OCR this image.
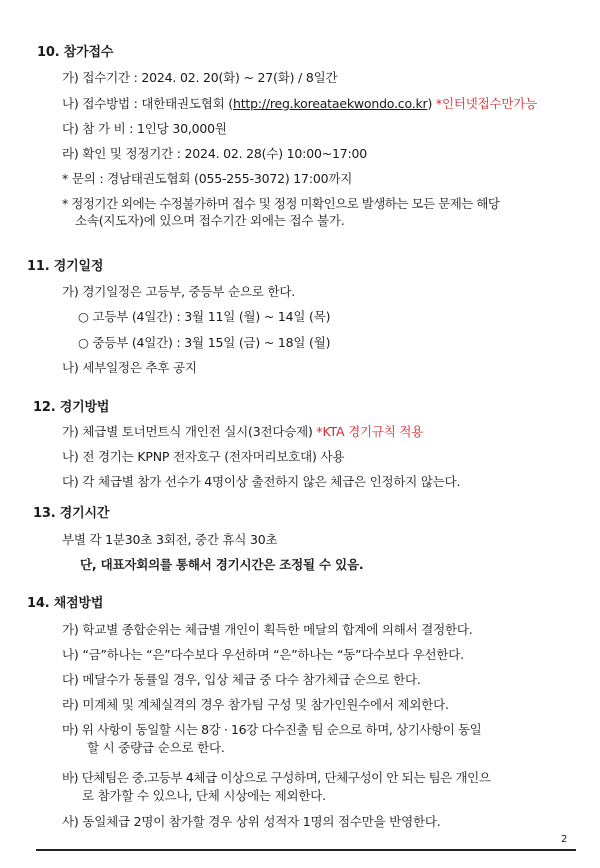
10. 참가접수
가) 접수기간 : 2024. 02. 20(화) ~ 27(화) / 8일간
나) 접수방법 : 대한태권도협회 (http://reg.koreataekwondo.co.kr) *인터넷접수만가능
다) 참 가 비 : 1인당 30,000원
라) 확인 및 정정기간 : 2024. 02. 28(수) 10:00~17:00
* 문의 : 경남태권도협회 (055-255-3072) 17:00까지
* 정정기간 외에는 수정불가하며 접수 및 정정 미확인으로 발생하는 모든 문제는 해당
소속(지도자)에 있으며 접수기간 외에는 접수 불가.
11. 경기일정
가) 경기일정은 고등부, 중등부 순으로 한다.
○ 고등부 (4일간) : 3월 11일 (월) ~ 14일 (목)
○ 중등부 (4일간) : 3월 15일 (금) ~ 18일 (월)
나) 세부일정은 추후 공지
12. 경기방법
가) 체급별 토너먼트식 개인전 실시(3전다승제) *KTA 경기규칙 적용
나) 전 경기는 KPNP 전자호구 (전자머리보호대) 사용
다) 각 체급별 참가 선수가 4명이상 출전하지 않은 체급은 인정하지 않는다.
13. 경기시간
부별 각 1분30초 3회전, 중간 휴식 30초
단, 대표자회의를 통해서 경기시간은 조정될 수 있음.
14. 채점방법
가) 학교별 종합순위는 체급별 개인이 획득한 메달의 합계에 의해서 결정한다.
나) “금”하나는 “은”다수보다 우선하며 “은”하나는 “동”다수보다 우선한다.
다) 메달수가 동률일 경우, 입상 체급 중 다수 참가체급 순으로 한다.
라) 미계체 및 계체실격의 경우 참가팀 구성 및 참가인원수에서 제외한다.
마) 위 사항이 동일할 시는 8강 · 16강 다수진출 팀 순으로 하며, 상기사항이 동일
할 시 중량급 순으로 한다.
바) 단체팀은 중.고등부 4체급 이상으로 구성하며, 단체구성이 안 되는 팀은 개인으
로 참가할 수 있으나, 단체 시상에는 제외한다.
사) 동일체급 2명이 참가할 경우 상위 성적자 1명의 점수만을 반영한다.
2
